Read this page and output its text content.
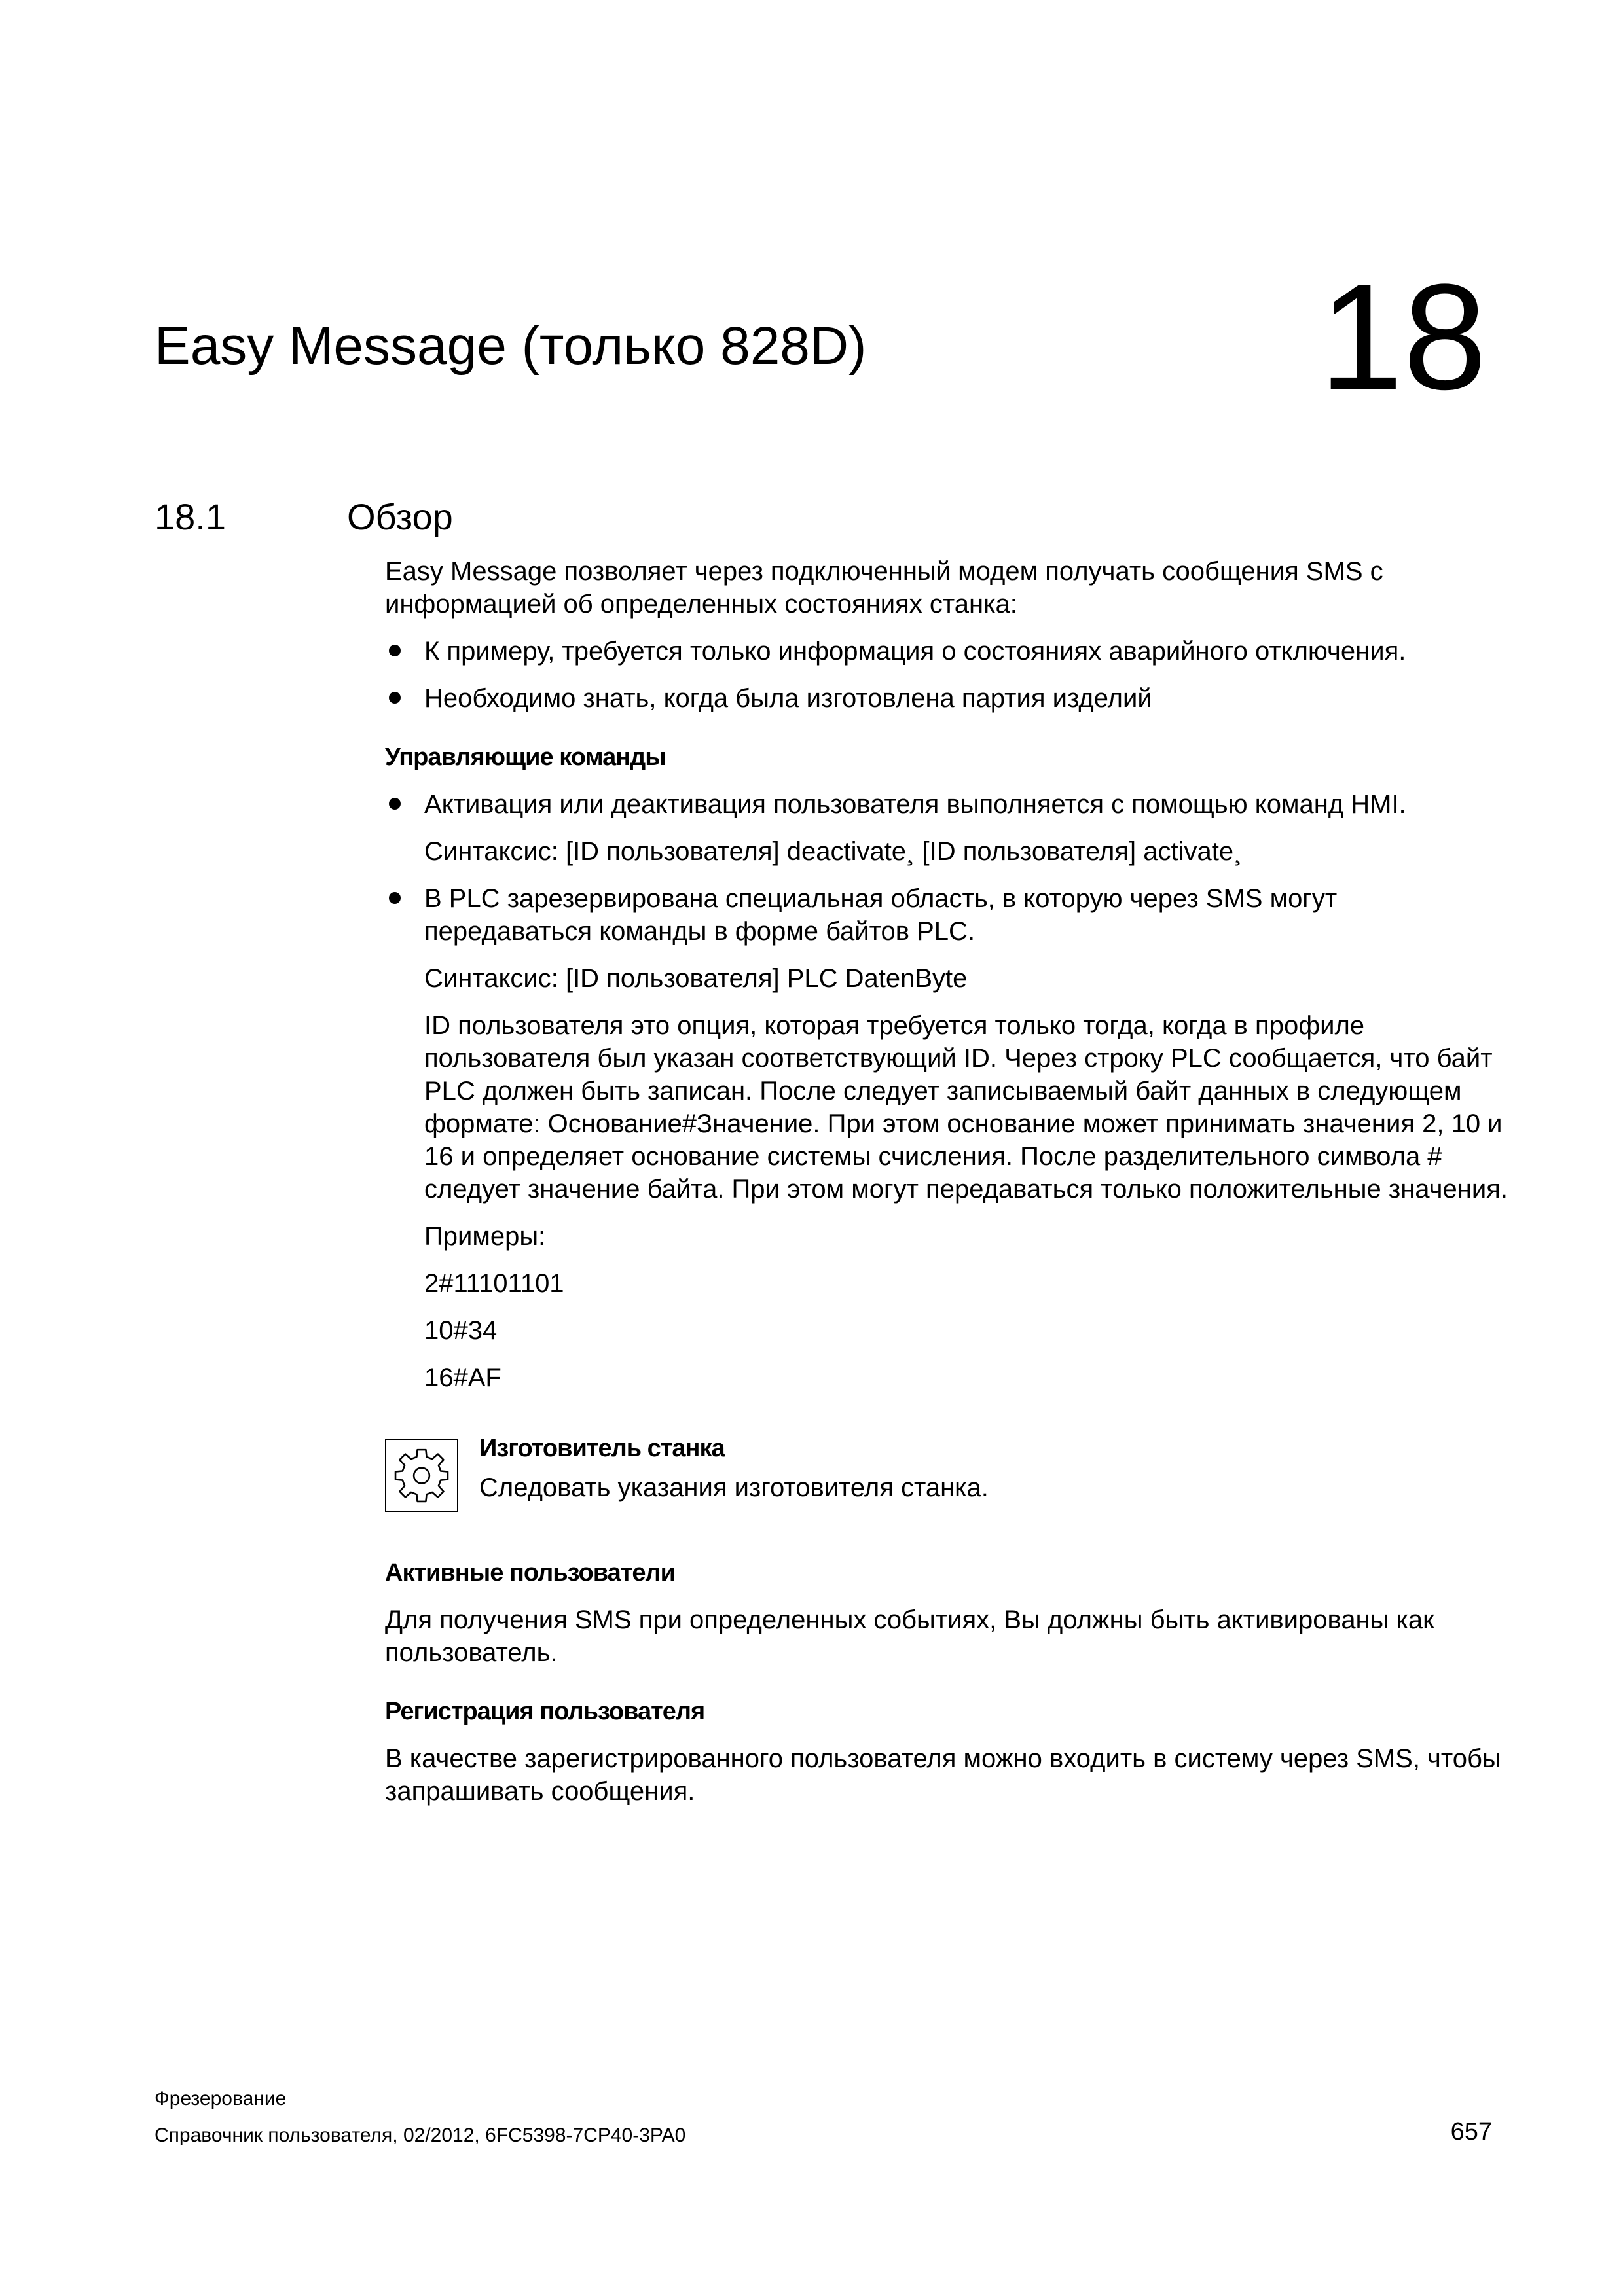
Easy Message (только 828D)	18
18.1	Обзор

Easy Message позволяет через подключенный модем получать сообщения SMS с информацией об определенных состояниях станка:

К примеру, требуется только информация о состояниях аварийного отключения.
Необходимо знать, когда была изготовлена партия изделий

Управляющие команды

Активация или деактивация пользователя выполняется с помощью команд HMI.

Синтаксис: [ID пользователя] deactivate¸ [ID пользователя] activate¸

В PLC зарезервирована специальная область, в которую через SMS могут передаваться команды в форме байтов PLC.

Синтаксис: [ID пользователя] PLC DatenByte

ID пользователя это опция, которая требуется только тогда, когда в профиле пользователя был указан соответствующий ID. Через строку PLC сообщается, что байт PLC должен быть записан. После следует записываемый байт данных в следующем формате: Основание#Значение. При этом основание может принимать значения 2, 10 и 16 и определяет основание системы счисления. После разделительного символа # следует значение байта. При этом могут передаваться только положительные значения.

Примеры:

2#11101101

10#34

16#AF

Изготовитель станка
Следовать указания изготовителя станка.

Активные пользователи

Для получения SMS при определенных событиях, Вы должны быть активированы как пользователь.

Регистрация пользователя

В качестве зарегистрированного пользователя можно входить в систему через SMS, чтобы запрашивать сообщения.

Фрезерование
Справочник пользователя, 02/2012, 6FC5398-7CP40-3PA0	657
